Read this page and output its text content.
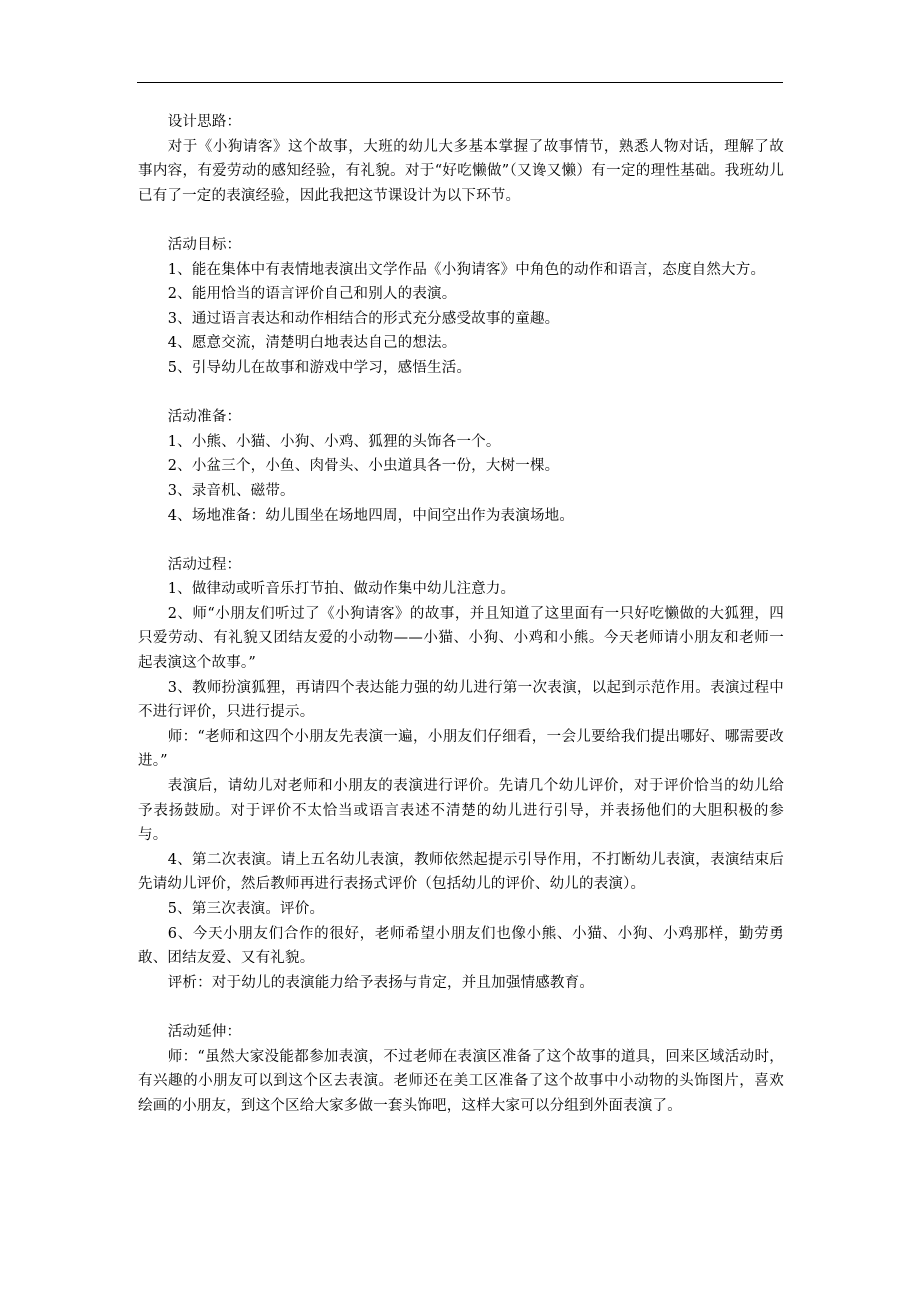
设计思路：

对于《小狗请客》这个故事，大班的幼儿大多基本掌握了故事情节，熟悉人物对话，理解了故事内容，有爱劳动的感知经验，有礼貌。对于“好吃懒做”（又谗又懒）有一定的理性基础。我班幼儿已有了一定的表演经验，因此我把这节课设计为以下环节。

活动目标：

1、能在集体中有表情地表演出文学作品《小狗请客》中角色的动作和语言，态度自然大方。

2、能用恰当的语言评价自己和别人的表演。

3、通过语言表达和动作相结合的形式充分感受故事的童趣。

4、愿意交流，清楚明白地表达自己的想法。

5、引导幼儿在故事和游戏中学习，感悟生活。

活动准备：

1、小熊、小猫、小狗、小鸡、狐狸的头饰各一个。

2、小盆三个，小鱼、肉骨头、小虫道具各一份，大树一棵。

3、录音机、磁带。

4、场地准备：幼儿围坐在场地四周，中间空出作为表演场地。

活动过程：

1、做律动或听音乐打节拍、做动作集中幼儿注意力。

2、师“小朋友们听过了《小狗请客》的故事，并且知道了这里面有一只好吃懒做的大狐狸，四只爱劳动、有礼貌又团结友爱的小动物——小猫、小狗、小鸡和小熊。今天老师请小朋友和老师一起表演这个故事。”

3、教师扮演狐狸，再请四个表达能力强的幼儿进行第一次表演，以起到示范作用。表演过程中不进行评价，只进行提示。

师：“老师和这四个小朋友先表演一遍，小朋友们仔细看，一会儿要给我们提出哪好、哪需要改进。”

表演后，请幼儿对老师和小朋友的表演进行评价。先请几个幼儿评价，对于评价恰当的幼儿给予表扬鼓励。对于评价不太恰当或语言表述不清楚的幼儿进行引导，并表扬他们的大胆积极的参与。

4、第二次表演。请上五名幼儿表演，教师依然起提示引导作用，不打断幼儿表演，表演结束后先请幼儿评价，然后教师再进行表扬式评价（包括幼儿的评价、幼儿的表演）。

5、第三次表演。评价。

6、今天小朋友们合作的很好，老师希望小朋友们也像小熊、小猫、小狗、小鸡那样，勤劳勇敢、团结友爱、又有礼貌。

评析：对于幼儿的表演能力给予表扬与肯定，并且加强情感教育。

活动延伸：

师：“虽然大家没能都参加表演，不过老师在表演区准备了这个故事的道具，回来区域活动时，有兴趣的小朋友可以到这个区去表演。老师还在美工区准备了这个故事中小动物的头饰图片，喜欢绘画的小朋友，到这个区给大家多做一套头饰吧，这样大家可以分组到外面表演了。
